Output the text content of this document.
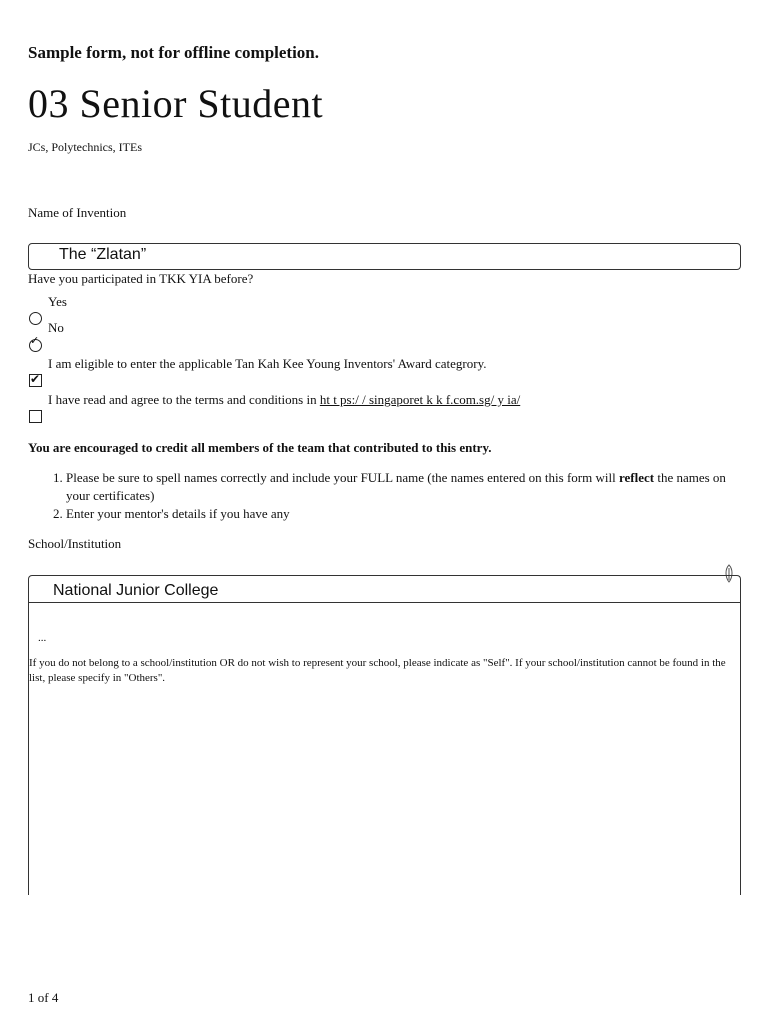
Sample form, not for offline completion.
03 Senior Student
JCs, Polytechnics, ITEs
Name of Invention
The “Zlatan”
Have you participated in TKK YIA before?
Yes
No
✓
I am eligible to enter the applicable Tan Kah Kee Young Inventors' Award categrory.
✔
I have read and agree to the terms and conditions in ht t ps:/ / singaporet k k f.com.sg/ y ia/
You are encouraged to credit all members of the team that contributed to this entry.
1. Please be sure to spell names correctly and include your FULL name (the names entered on this form will reflect the names on your certificates)
2. Enter your mentor's details if you have any
School/Institution
National Junior College
...
If you do not belong to a school/institution OR do not wish to represent your school, please indicate as "Self". If your school/institution cannot be found in the list, please specify in "Others".
1 of 4
